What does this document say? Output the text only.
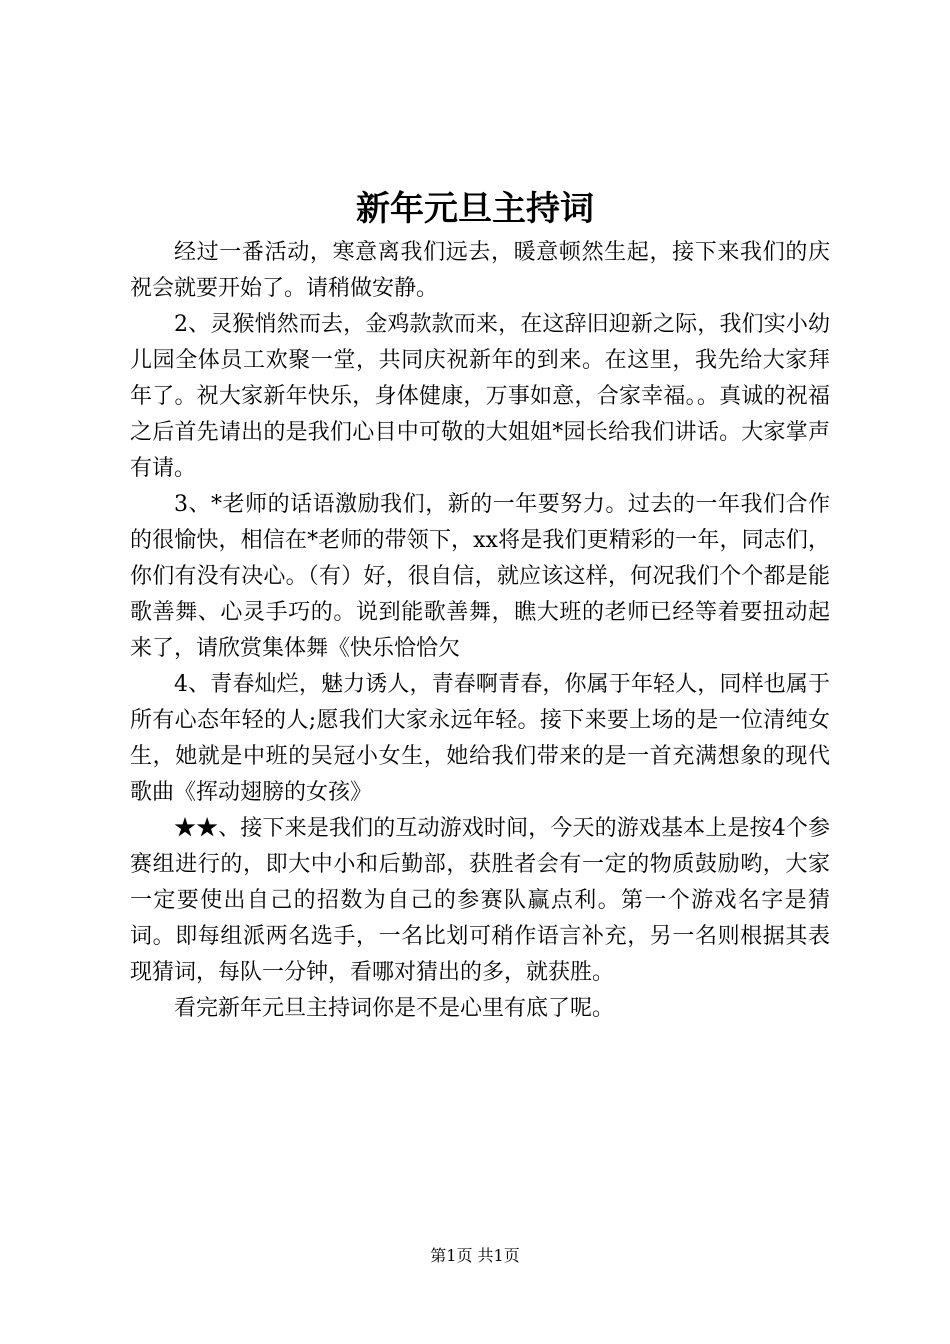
新年元旦主持词

经过一番活动，寒意离我们远去，暖意顿然生起，接下来我们的庆祝会就要开始了。请稍做安静。

2、灵猴悄然而去，金鸡款款而来，在这辞旧迎新之际，我们实小幼儿园全体员工欢聚一堂，共同庆祝新年的到来。在这里，我先给大家拜年了。祝大家新年快乐，身体健康，万事如意，合家幸福。。真诚的祝福之后首先请出的是我们心目中可敬的大姐姐*园长给我们讲话。大家掌声有请。

3、*老师的话语激励我们，新的一年要努力。过去的一年我们合作的很愉快，相信在*老师的带领下，xx将是我们更精彩的一年，同志们，你们有没有决心。（有）好，很自信，就应该这样，何况我们个个都是能歌善舞、心灵手巧的。说到能歌善舞，瞧大班的老师已经等着要扭动起来了，请欣赏集体舞《快乐恰恰欠

4、青春灿烂，魅力诱人，青春啊青春，你属于年轻人，同样也属于所有心态年轻的人;愿我们大家永远年轻。接下来要上场的是一位清纯女生，她就是中班的吴冠小女生，她给我们带来的是一首充满想象的现代歌曲《挥动翅膀的女孩》

★★、接下来是我们的互动游戏时间，今天的游戏基本上是按4个参赛组进行的，即大中小和后勤部，获胜者会有一定的物质鼓励哟，大家一定要使出自己的招数为自己的参赛队赢点利。第一个游戏名字是猜词。即每组派两名选手，一名比划可稍作语言补充，另一名则根据其表现猜词，每队一分钟，看哪对猜出的多，就获胜。

看完新年元旦主持词你是不是心里有底了呢。

第1页 共1页
